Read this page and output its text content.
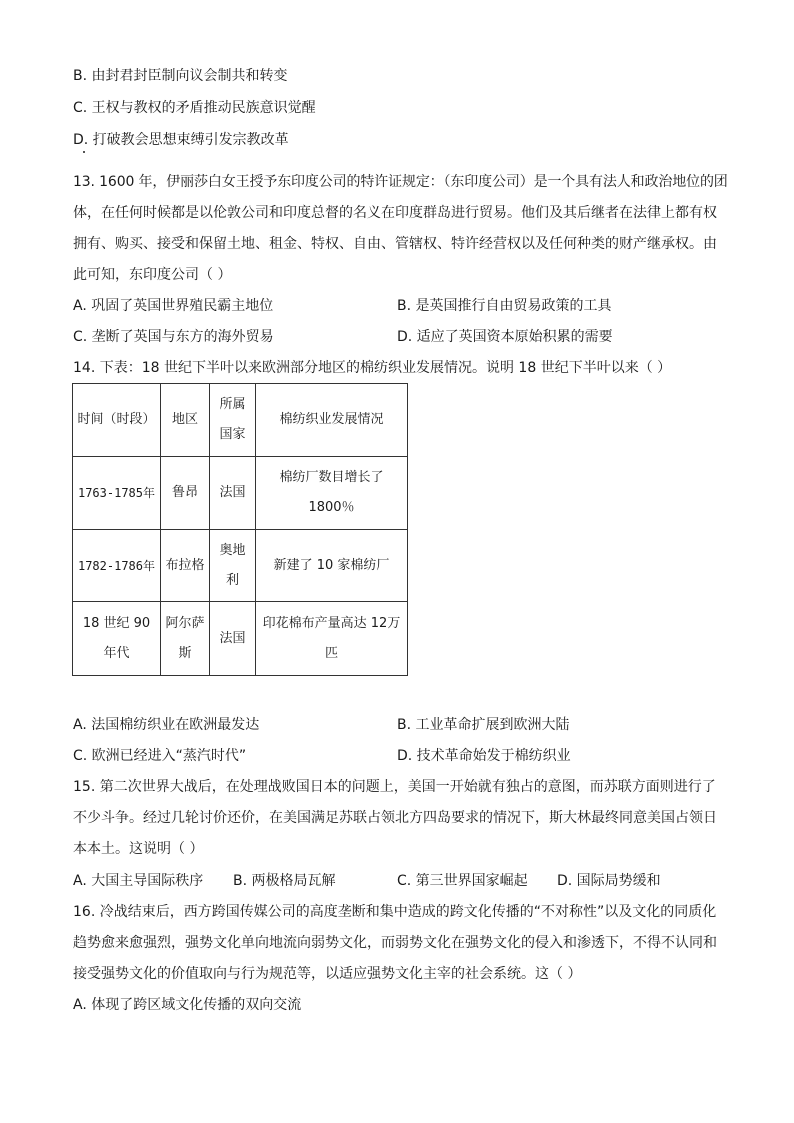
B. 由封君封臣制向议会制共和转变
C. 王权与教权的矛盾推动民族意识觉醒
D. 打破教会思想束缚引发宗教改革
13. 1600 年，伊丽莎白女王授予东印度公司的特许证规定：（东印度公司）是一个具有法人和政治地位的团
体，在任何时候都是以伦敦公司和印度总督的名义在印度群岛进行贸易。他们及其后继者在法律上都有权
拥有、购买、接受和保留土地、租金、特权、自由、管辖权、特许经营权以及任何种类的财产继承权。由
此可知，东印度公司（ ）
A. 巩固了英国世界殖民霸主地位	B. 是英国推行自由贸易政策的工具
C. 垄断了英国与东方的海外贸易	D. 适应了英国资本原始积累的需要
14. 下表：18 世纪下半叶以来欧洲部分地区的棉纺织业发展情况。说明 18 世纪下半叶以来（ ）
时间（时段）	地区	所属国家	棉纺织业发展情况
1763-1785年	鲁昂	法国	棉纺厂数目增长了1800％
1782-1786年	布拉格	奥地利	新建了 10 家棉纺厂
18 世纪 90年代	阿尔萨斯	法国	印花棉布产量高达 12万匹
A. 法国棉纺织业在欧洲最发达	B. 工业革命扩展到欧洲大陆
C. 欧洲已经进入“蒸汽时代”	D. 技术革命始发于棉纺织业
15. 第二次世界大战后，在处理战败国日本的问题上，美国一开始就有独占的意图，而苏联方面则进行了
不少斗争。经过几轮讨价还价，在美国满足苏联占领北方四岛要求的情况下，斯大林最终同意美国占领日
本本土。这说明（ ）
A. 大国主导国际秩序 B. 两极格局瓦解	C. 第三世界国家崛起 D. 国际局势缓和
16. 冷战结束后，西方跨国传媒公司的高度垄断和集中造成的跨文化传播的“不对称性”以及文化的同质化
趋势愈来愈强烈，强势文化单向地流向弱势文化，而弱势文化在强势文化的侵入和渗透下，不得不认同和
接受强势文化的价值取向与行为规范等，以适应强势文化主宰的社会系统。这（ ）
A. 体现了跨区域文化传播的双向交流
